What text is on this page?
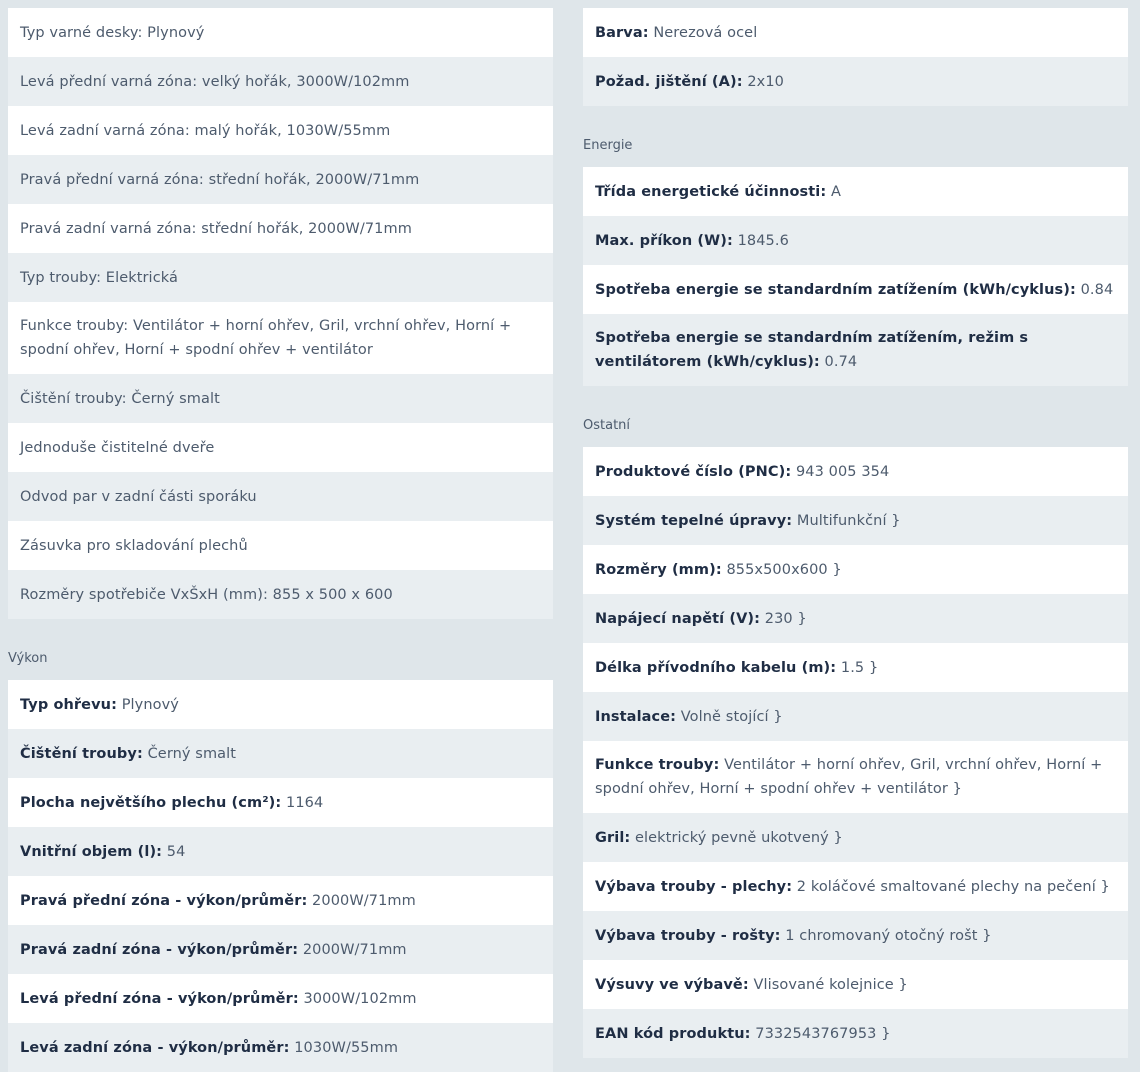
Typ varné desky: Plynový
Levá přední varná zóna: velký hořák, 3000W/102mm
Levá zadní varná zóna: malý hořák, 1030W/55mm
Pravá přední varná zóna: střední hořák, 2000W/71mm
Pravá zadní varná zóna: střední hořák, 2000W/71mm
Typ trouby: Elektrická
Funkce trouby: Ventilátor + horní ohřev, Gril, vrchní ohřev, Horní + spodní ohřev, Horní + spodní ohřev + ventilátor
Čištění trouby: Černý smalt
Jednoduše čistitelné dveře
Odvod par v zadní části sporáku
Zásuvka pro skladování plechů
Rozměry spotřebiče VxŠxH (mm): 855 x 500 x 600
Výkon
Typ ohřevu: Plynový
Čištění trouby: Černý smalt
Plocha největšího plechu (cm²): 1164
Vnitřní objem (l): 54
Pravá přední zóna - výkon/průměr: 2000W/71mm
Pravá zadní zóna - výkon/průměr: 2000W/71mm
Levá přední zóna - výkon/průměr: 3000W/102mm
Levá zadní zóna - výkon/průměr: 1030W/55mm
Barva: Nerezová ocel
Požad. jištění (A): 2x10
Energie
Třída energetické účinnosti: A
Max. příkon (W): 1845.6
Spotřeba energie se standardním zatížením (kWh/cyklus): 0.84
Spotřeba energie se standardním zatížením, režim s ventilátorem (kWh/cyklus): 0.74
Ostatní
Produktové číslo (PNC): 943 005 354
Systém tepelné úpravy: Multifunkční }
Rozměry (mm): 855x500x600 }
Napájecí napětí (V): 230 }
Délka přívodního kabelu (m): 1.5 }
Instalace: Volně stojící }
Funkce trouby: Ventilátor + horní ohřev, Gril, vrchní ohřev, Horní + spodní ohřev, Horní + spodní ohřev + ventilátor }
Gril: elektrický pevně ukotvený }
Výbava trouby - plechy: 2 koláčové smaltované plechy na pečení }
Výbava trouby - rošty: 1 chromovaný otočný rošt }
Výsuvy ve výbavě: Vlisované kolejnice }
EAN kód produktu: 7332543767953 }
